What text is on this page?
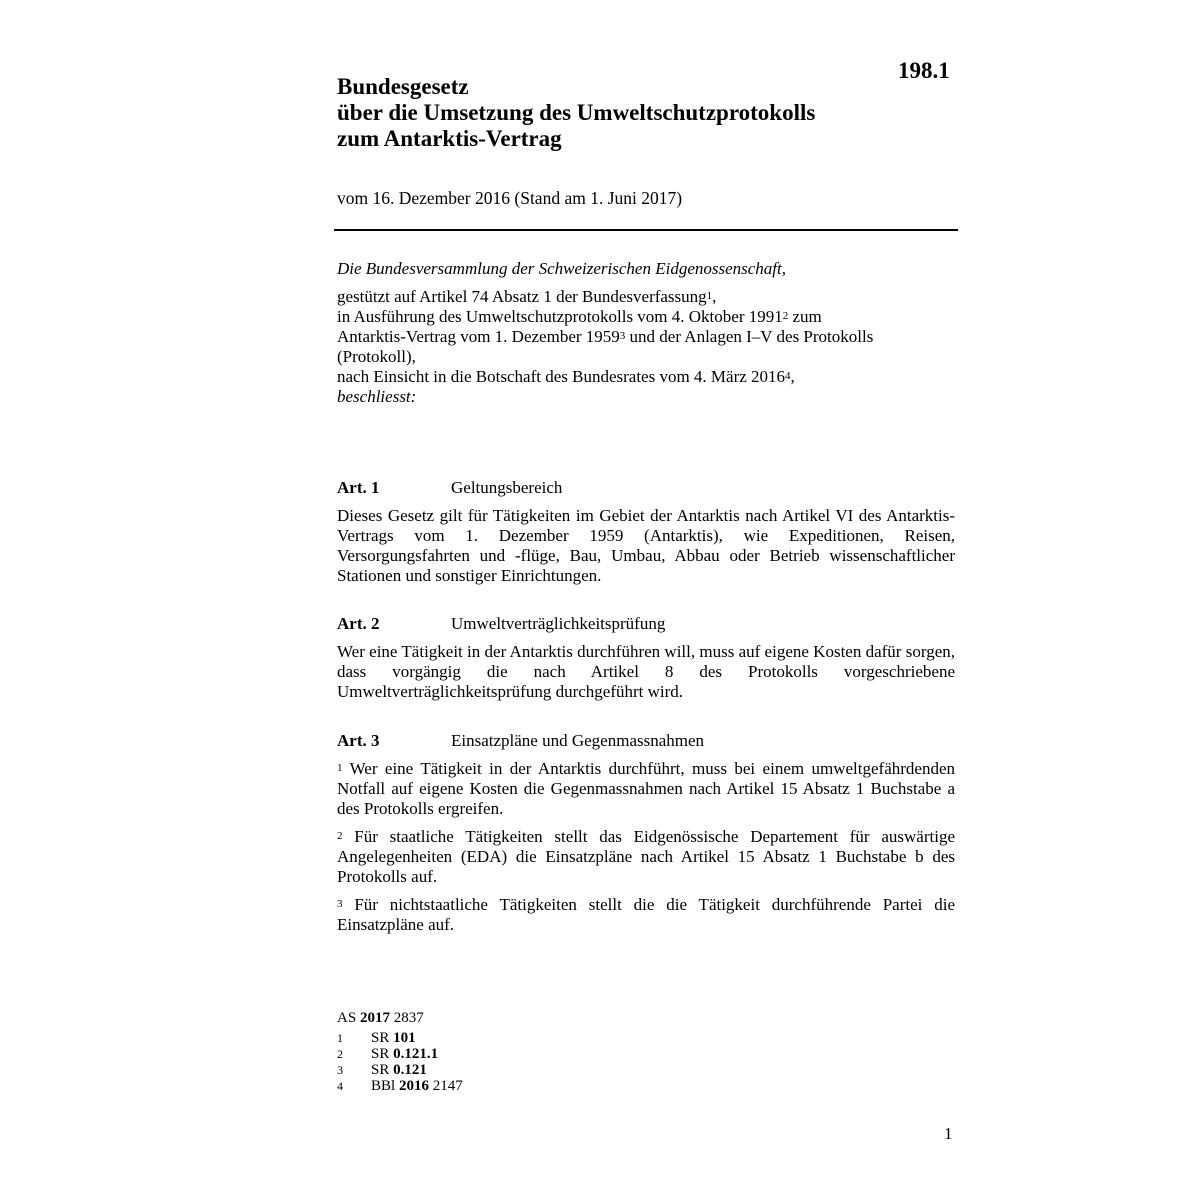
198.1
Bundesgesetz
über die Umsetzung des Umweltschutzprotokolls
zum Antarktis-Vertrag
vom 16. Dezember 2016 (Stand am 1. Juni 2017)
Die Bundesversammlung der Schweizerischen Eidgenossenschaft,
gestützt auf Artikel 74 Absatz 1 der Bundesverfassung$^1$,
in Ausführung des Umweltschutzprotokolls vom 4. Oktober 1991$^2$ zum
Antarktis-Vertrag vom 1. Dezember 1959$^3$ und der Anlagen I–V des Protokolls
(Protokoll),
nach Einsicht in die Botschaft des Bundesrates vom 4. März 2016$^4$,
beschliesst:
Art. 1	Geltungsbereich
Dieses Gesetz gilt für Tätigkeiten im Gebiet der Antarktis nach Artikel VI des Antarktis-Vertrags vom 1. Dezember 1959 (Antarktis), wie Expeditionen, Reisen, Versorgungsfahrten und -flüge, Bau, Umbau, Abbau oder Betrieb wissenschaftlicher Stationen und sonstiger Einrichtungen.
Art. 2	Umweltverträglichkeitsprüfung
Wer eine Tätigkeit in der Antarktis durchführen will, muss auf eigene Kosten dafür sorgen, dass vorgängig die nach Artikel 8 des Protokolls vorgeschriebene Umweltverträglichkeitsprüfung durchgeführt wird.
Art. 3	Einsatzpläne und Gegenmassnahmen
$^1$ Wer eine Tätigkeit in der Antarktis durchführt, muss bei einem umweltgefährdenden Notfall auf eigene Kosten die Gegenmassnahmen nach Artikel 15 Absatz 1 Buchstabe a des Protokolls ergreifen.
$^2$ Für staatliche Tätigkeiten stellt das Eidgenössische Departement für auswärtige Angelegenheiten (EDA) die Einsatzpläne nach Artikel 15 Absatz 1 Buchstabe b des Protokolls auf.
$^3$ Für nichtstaatliche Tätigkeiten stellt die die Tätigkeit durchführende Partei die Einsatzpläne auf.
AS 2017 2837
1	SR 101
2	SR 0.121.1
3	SR 0.121
4	BBl 2016 2147
1
